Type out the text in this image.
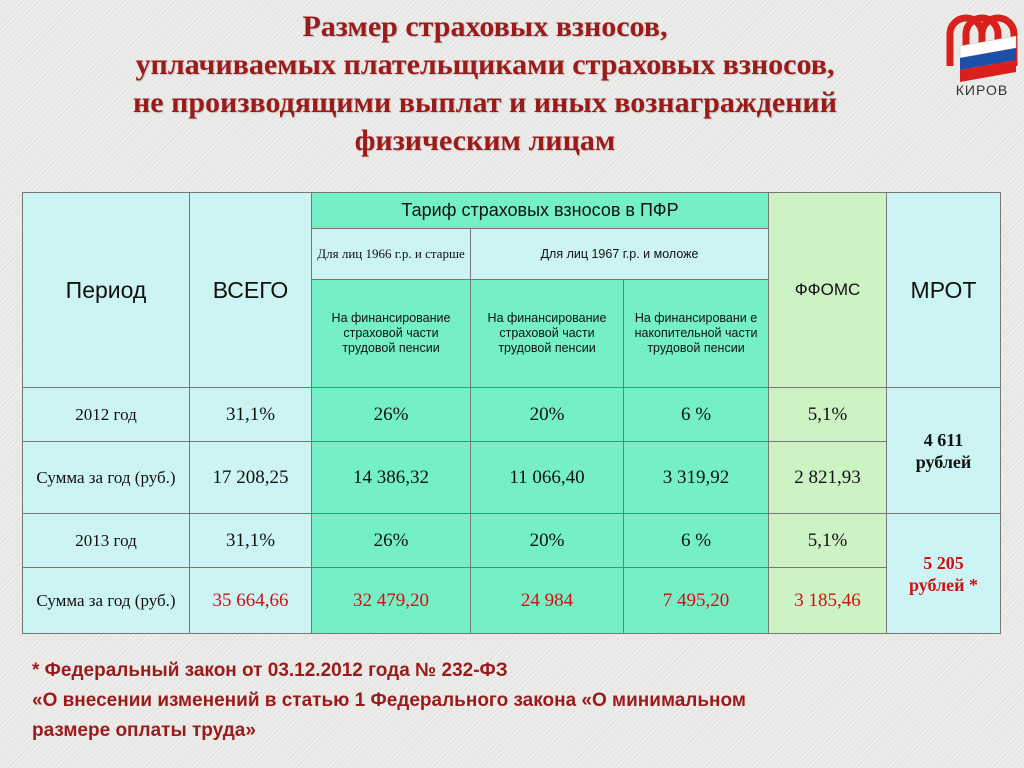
Размер страховых взносов,
уплачиваемых плательщиками страховых взносов,
не производящими выплат и иных вознаграждений
физическим лицам
КИРОВ
Период	ВСЕГО	Тариф страховых взносов в ПФР			ФФОМС	МРОТ
		Для лиц 1966 г.р. и старше	Для лиц 1967 г.р. и моложе			
		На финансирование страховой части трудовой пенсии	На финансирование страховой части трудовой пенсии	На финансировани е накопительной части трудовой пенсии		
2012 год	31,1%	26%	20%	6 %	5,1%	4 611
рублей

Сумма за год (руб.)	17 208,25	14 386,32	11 066,40	3 319,92	2 821,93	
2013 год	31,1%	26%	20%	6 %	5,1%	5 205
рублей *

Сумма за год (руб.)	35 664,66	32 479,20	24 984	7 495,20	3 185,46	
* Федеральный закон от 03.12.2012 года № 232-ФЗ
«О внесении изменений в статью 1 Федерального закона «О минимальном
размере оплаты труда»
